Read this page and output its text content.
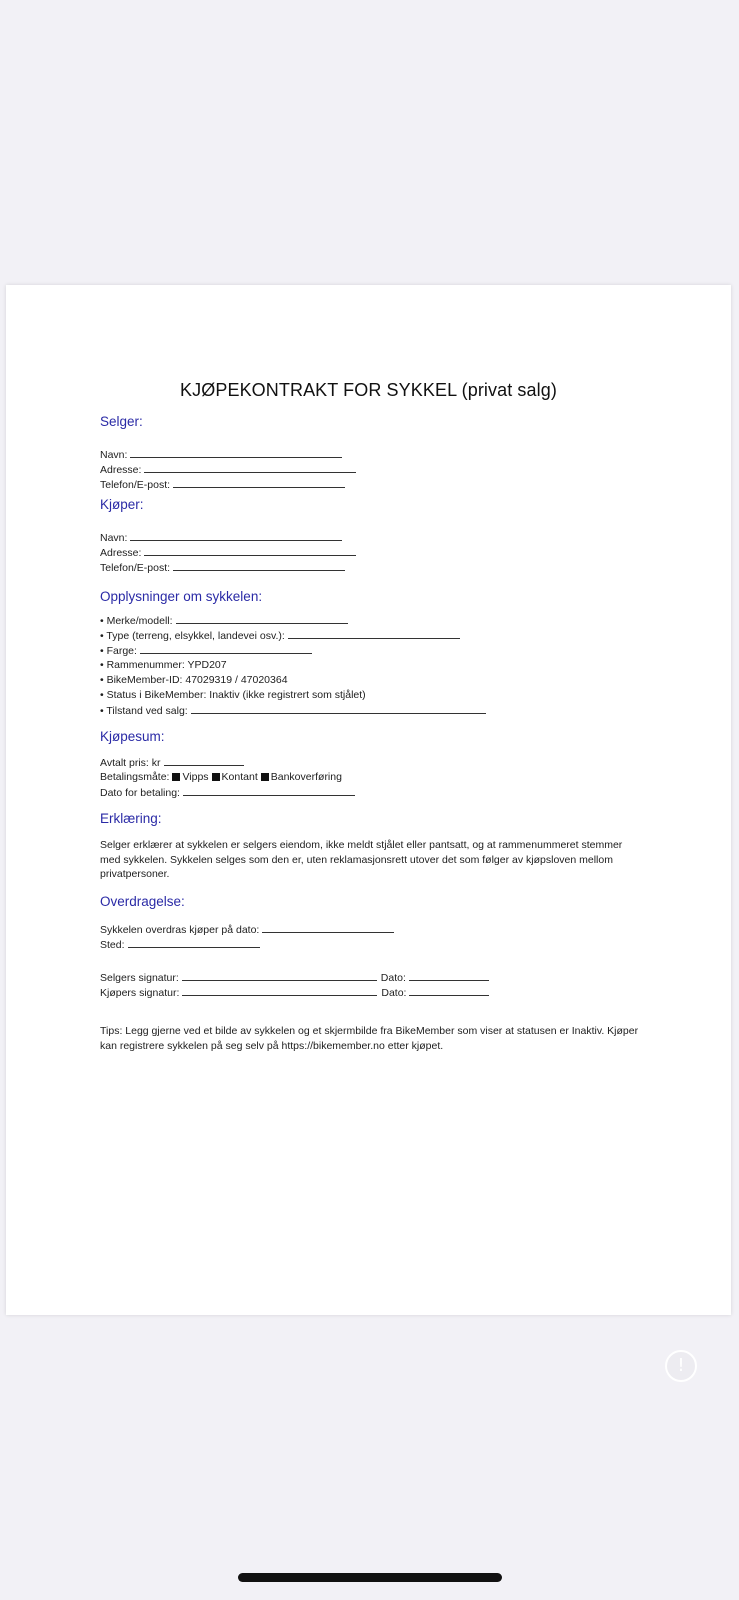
KJØPEKONTRAKT FOR SYKKEL (privat salg)
Selger:
Navn:
Adresse:
Telefon/E-post:
Kjøper:
Navn:
Adresse:
Telefon/E-post:
Opplysninger om sykkelen:
• Merke/modell:
• Type (terreng, elsykkel, landevei osv.):
• Farge:
• Rammenummer: YPD207
• BikeMember-ID: 47029319 / 47020364
• Status i BikeMember: Inaktiv (ikke registrert som stjålet)
• Tilstand ved salg:
Kjøpesum:
Avtalt pris: kr
Betalingsmåte: Vipps Kontant Bankoverføring
Dato for betaling:
Erklæring:
Selger erklærer at sykkelen er selgers eiendom, ikke meldt stjålet eller pantsatt, og at rammenummeret stemmer med sykkelen. Sykkelen selges som den er, uten reklamasjonsrett utover det som følger av kjøpsloven mellom privatpersoner.
Overdragelse:
Sykkelen overdras kjøper på dato:
Sted:
Selgers signatur:	Dato:
Kjøpers signatur:	Dato:
Tips: Legg gjerne ved et bilde av sykkelen og et skjermbilde fra BikeMember som viser at statusen er Inaktiv. Kjøper kan registrere sykkelen på seg selv på https://bikemember.no etter kjøpet.
!
